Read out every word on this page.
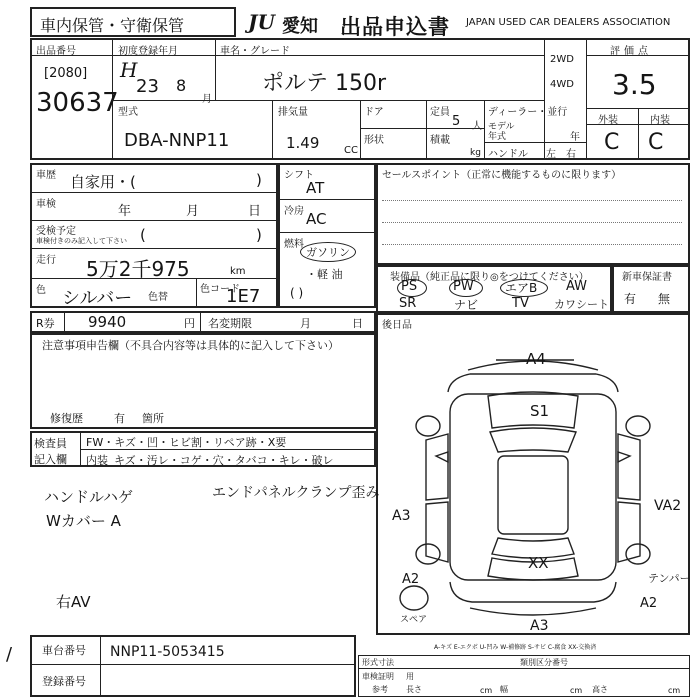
車内保管・守衛保管	JU 愛知 出品申込書 JAPAN USED CAR DEALERS ASSOCIATION
出品番号
[2080]
30637
初度登録年月
H
23 8
月
車名・グレード
ポルテ 150r
2WD
4WD
評価点
3.5
外装	内装
C C
型式
DBA-NNP11
排気量
1.49 CC
ドア
形状
定員
5 人
積載
kg
ディーラー・並行
モデル
年式	年
ハンドル 左 右
車歴 自家用・(	)
車検	年	月	日
受検予定
車検付きのみ記入して下さい (	)
走行 5万2千975	km
色 シルバー 色替
色コード
1E7
シフト
AT
冷房 AC
燃料
ガソリン
・軽 油
( )
セールスポイント（正常に機能するものに限ります）
装備品（純正品に限り◎をつけてください）
PS	PW	エアB AW
SR	ナビ	TV カワシート
新車保証書
有 無
R券 9940	円 名変期限	月	日 後日品
注意事項申告欄（不具合内容等は具体的に記入して下さい）
修復歴	有 箇所
検査員
記入欄
FW・キズ・凹・ヒビ割・リペア跡・X要
内装 キズ・汚レ・コゲ・穴・タバコ・キレ・破レ
ハンドルハゲ
Wカバー A
エンドパネルクランプ歪み
右AV
/
A4
S1
A3
VA2
XX
A2	テンパー
A2
A3
スペア
A-キズ E-エクボ U-凹み W-補修跡 S-サビ C-腐食 XX-交換済
車台番号 NNP11-5053415
登録番号
形式寸法	類別区分番号
車検証明 用
参考 長さ	cm 幅	cm 高さ	cm
